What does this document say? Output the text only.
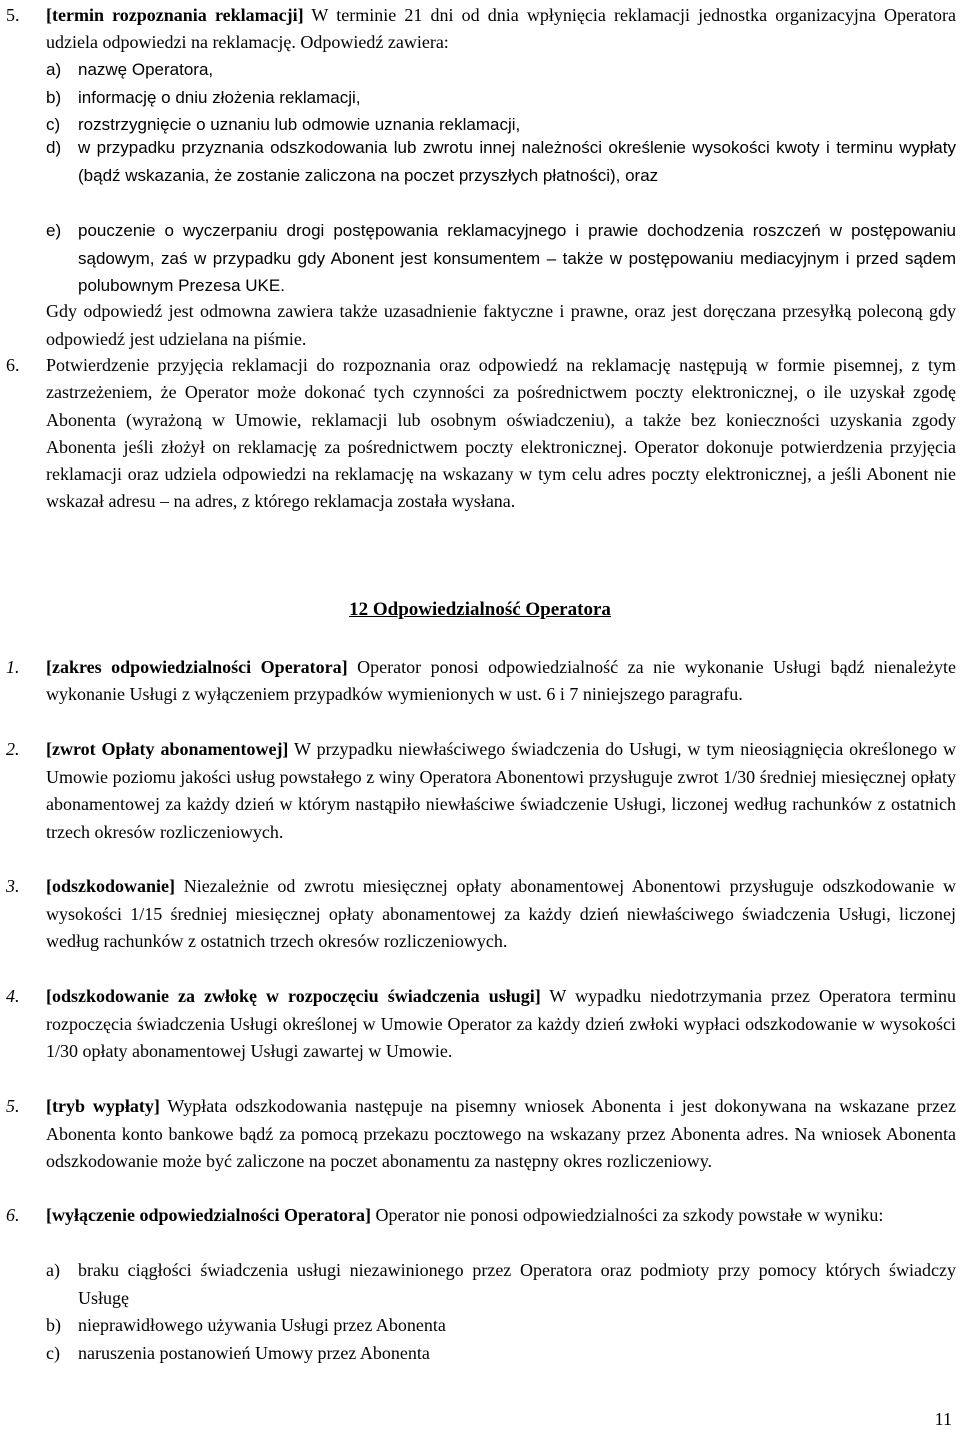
5. [termin rozpoznania reklamacji] W terminie 21 dni od dnia wpłynięcia reklamacji jednostka organizacyjna Operatora udziela odpowiedzi na reklamację. Odpowiedź zawiera:
a) nazwę Operatora,
b) informację o dniu złożenia reklamacji,
c) rozstrzygnięcie o uznaniu lub odmowie uznania reklamacji,
d) w przypadku przyznania odszkodowania lub zwrotu innej należności określenie wysokości kwoty i terminu wypłaty (bądź wskazania, że zostanie zaliczona na poczet przyszłych płatności), oraz
e) pouczenie o wyczerpaniu drogi postępowania reklamacyjnego i prawie dochodzenia roszczeń w postępowaniu sądowym, zaś w przypadku gdy Abonent jest konsumentem – także w postępowaniu mediacyjnym i przed sądem polubownym Prezesa UKE.
Gdy odpowiedź jest odmowna zawiera także uzasadnienie faktyczne i prawne, oraz jest doręczana przesyłką poleconą gdy odpowiedź jest udzielana na piśmie.
6. Potwierdzenie przyjęcia reklamacji do rozpoznania oraz odpowiedź na reklamację następują w formie pisemnej, z tym zastrzeżeniem, że Operator może dokonać tych czynności za pośrednictwem poczty elektronicznej, o ile uzyskał zgodę Abonenta (wyrażoną w Umowie, reklamacji lub osobnym oświadczeniu), a także bez konieczności uzyskania zgody Abonenta jeśli złożył on reklamację za pośrednictwem poczty elektronicznej. Operator dokonuje potwierdzenia przyjęcia reklamacji oraz udziela odpowiedzi na reklamację na wskazany w tym celu adres poczty elektronicznej, a jeśli Abonent nie wskazał adresu – na adres, z którego reklamacja została wysłana.
12 Odpowiedzialność Operatora
1. [zakres odpowiedzialności Operatora] Operator ponosi odpowiedzialność za nie wykonanie Usługi bądź nienależyte wykonanie Usługi z wyłączeniem przypadków wymienionych w ust. 6 i 7 niniejszego paragrafu.
2. [zwrot Opłaty abonamentowej] W przypadku niewłaściwego świadczenia do Usługi, w tym nieosiągnięcia określonego w Umowie poziomu jakości usług powstałego z winy Operatora Abonentowi przysługuje zwrot 1/30 średniej miesięcznej opłaty abonamentowej za każdy dzień w którym nastąpiło niewłaściwe świadczenie Usługi, liczonej według rachunków z ostatnich trzech okresów rozliczeniowych.
3. [odszkodowanie] Niezależnie od zwrotu miesięcznej opłaty abonamentowej Abonentowi przysługuje odszkodowanie w wysokości 1/15 średniej miesięcznej opłaty abonamentowej za każdy dzień niewłaściwego świadczenia Usługi, liczonej według rachunków z ostatnich trzech okresów rozliczeniowych.
4. [odszkodowanie za zwłokę w rozpoczęciu świadczenia usługi] W wypadku niedotrzymania przez Operatora terminu rozpoczęcia świadczenia Usługi określonej w Umowie Operator za każdy dzień zwłoki wypłaci odszkodowanie w wysokości 1/30 opłaty abonamentowej Usługi zawartej w Umowie.
5. [tryb wypłaty] Wypłata odszkodowania następuje na pisemny wniosek Abonenta i jest dokonywana na wskazane przez Abonenta konto bankowe bądź za pomocą przekazu pocztowego na wskazany przez Abonenta adres. Na wniosek Abonenta odszkodowanie może być zaliczone na poczet abonamentu za następny okres rozliczeniowy.
6. [wyłączenie odpowiedzialności Operatora] Operator nie ponosi odpowiedzialności za szkody powstałe w wyniku:
a) braku ciągłości świadczenia usługi niezawinionego przez Operatora oraz podmioty przy pomocy których świadczy Usługę
b) nieprawidłowego używania Usługi przez Abonenta
c) naruszenia postanowień Umowy przez Abonenta
11
